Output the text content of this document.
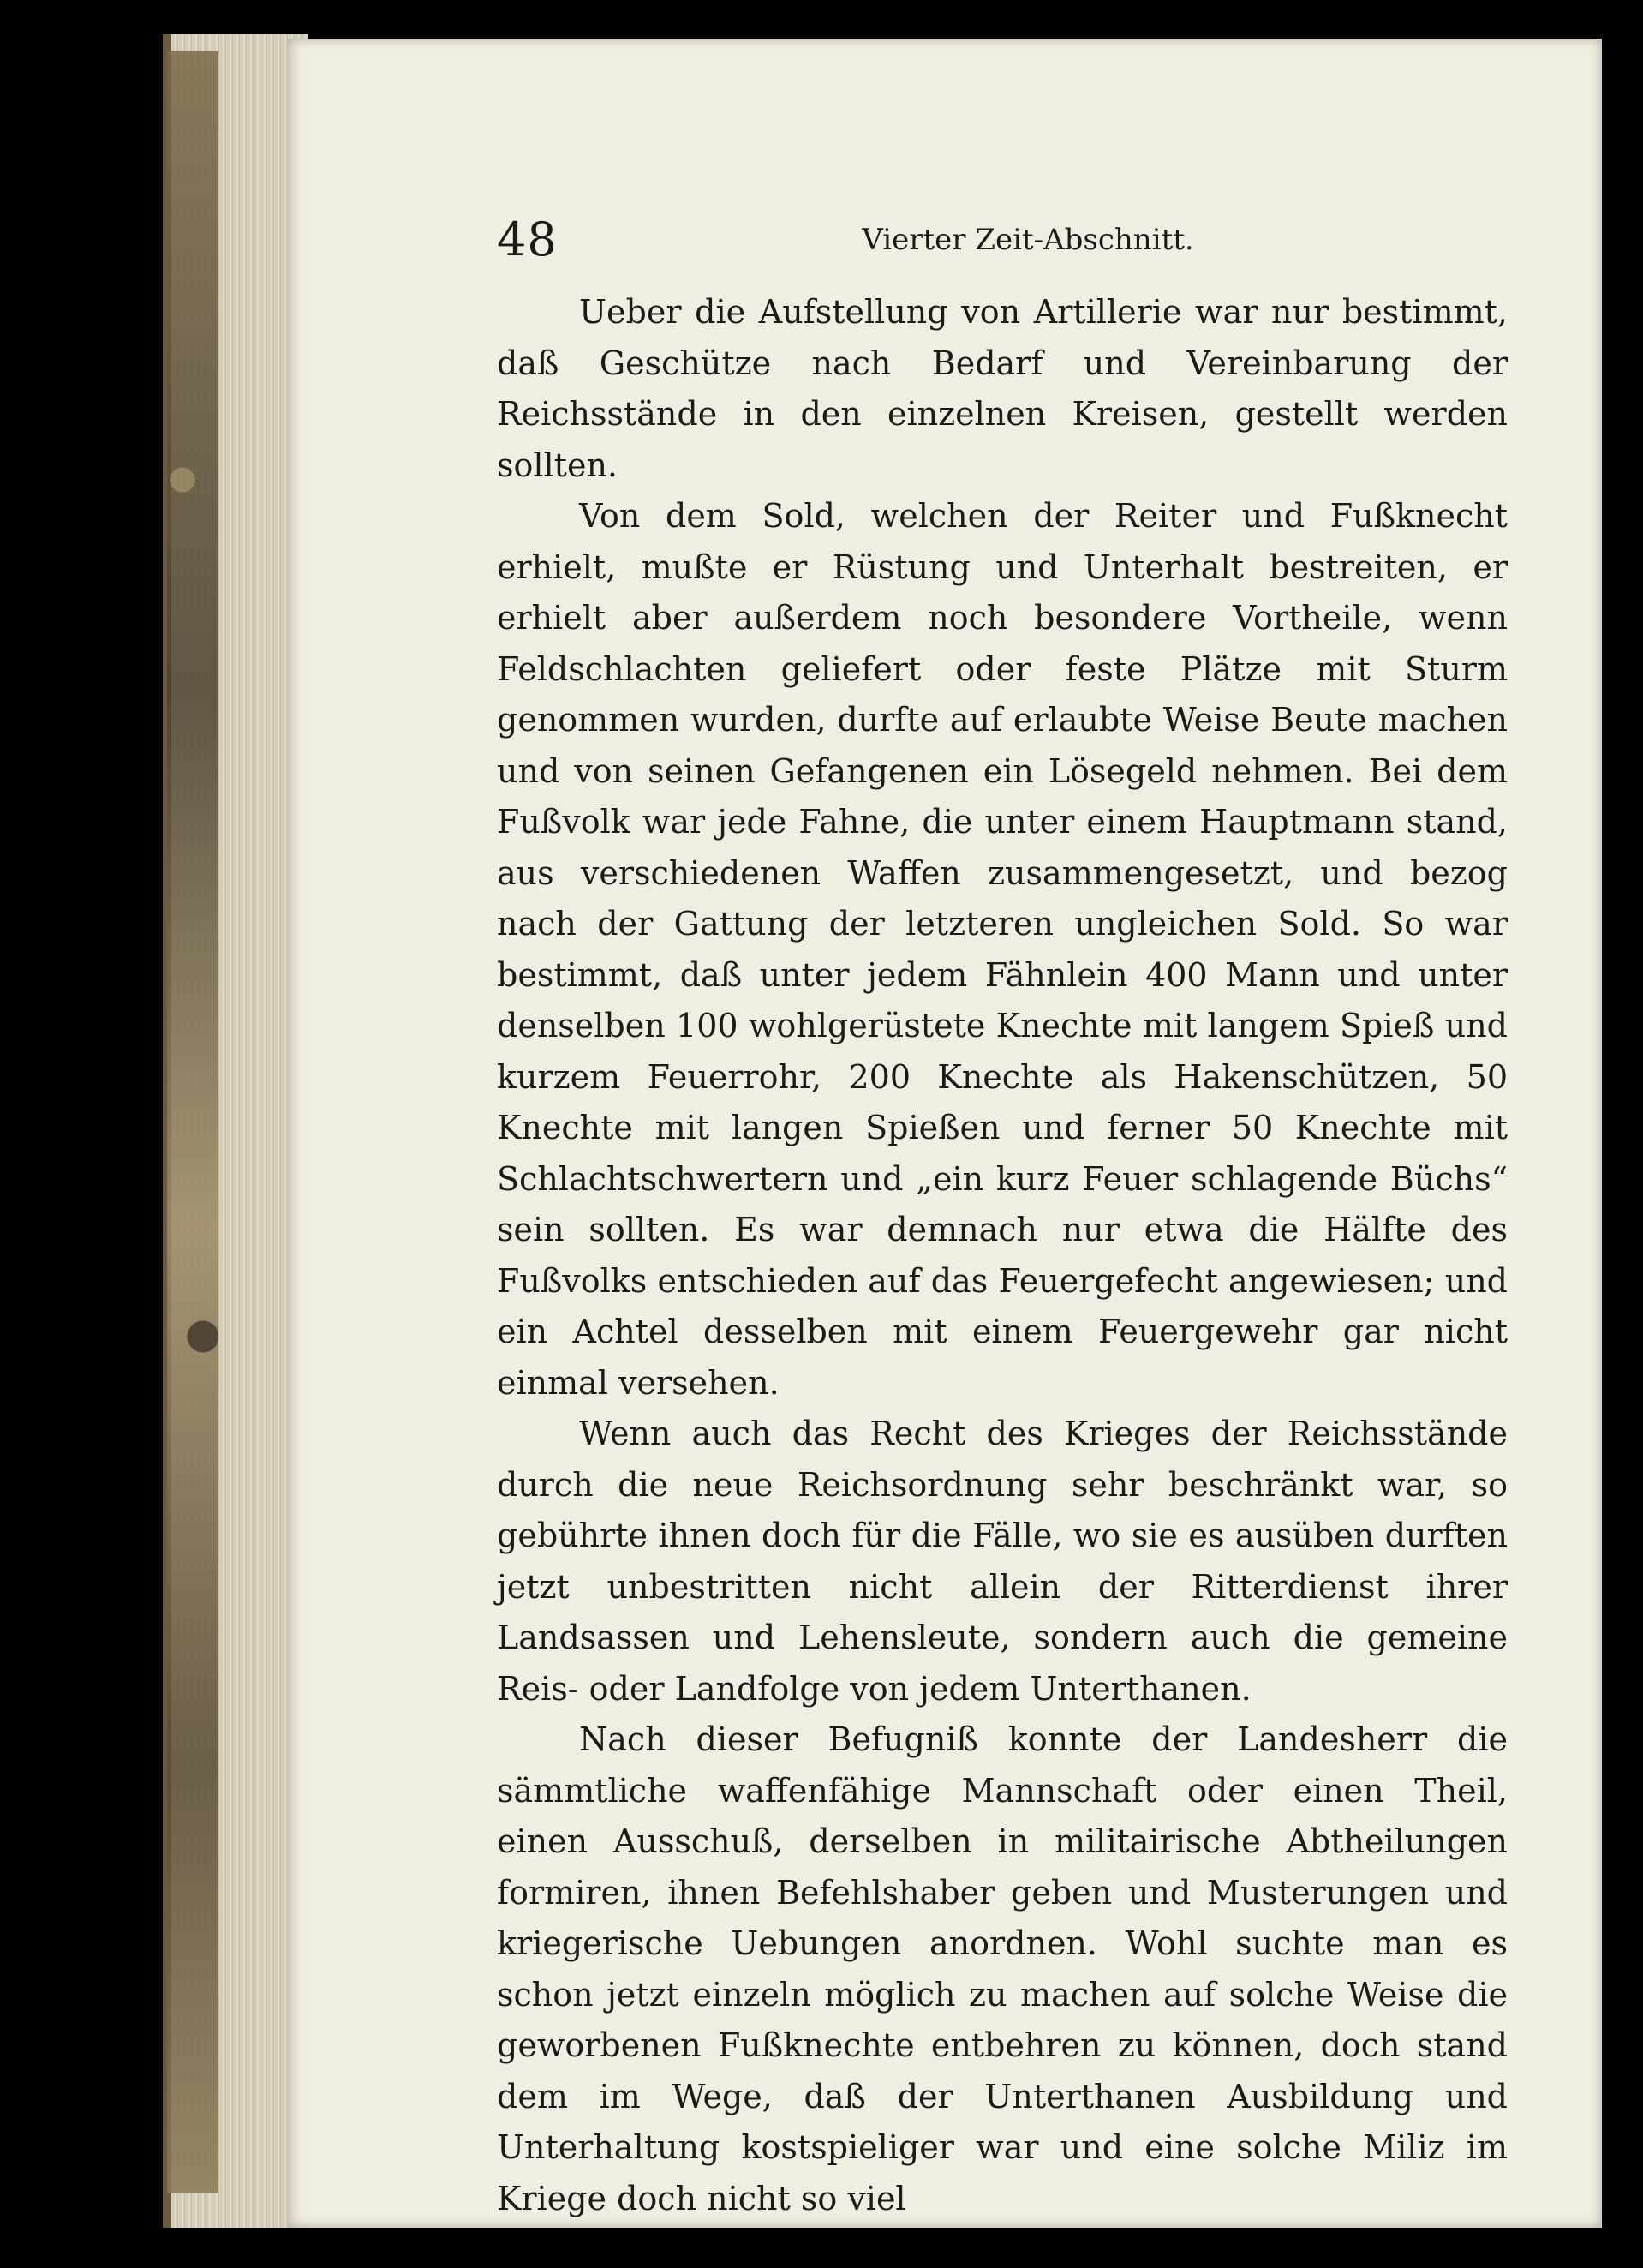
48	Vierter Zeit-Abschnitt.

Ueber die Aufstellung von Artillerie war nur bestimmt, daß Geschütze nach Bedarf und Vereinbarung der Reichsstände in den einzelnen Kreisen, gestellt werden sollten.

Von dem Sold, welchen der Reiter und Fußknecht erhielt, mußte er Rüstung und Unterhalt bestreiten, er erhielt aber außerdem noch besondere Vortheile, wenn Feldschlachten geliefert oder feste Plätze mit Sturm genommen wurden, durfte auf erlaubte Weise Beute machen und von seinen Gefangenen ein Lösegeld nehmen. Bei dem Fußvolk war jede Fahne, die unter einem Hauptmann stand, aus verschiedenen Waffen zusammengesetzt, und bezog nach der Gattung der letzteren ungleichen Sold. So war bestimmt, daß unter jedem Fähnlein 400 Mann und unter denselben 100 wohlgerüstete Knechte mit langem Spieß und kurzem Feuerrohr, 200 Knechte als Hakenschützen, 50 Knechte mit langen Spießen und ferner 50 Knechte mit Schlachtschwertern und „ein kurz Feuer schlagende Büchs“ sein sollten. Es war demnach nur etwa die Hälfte des Fußvolks entschieden auf das Feuergefecht angewiesen; und ein Achtel desselben mit einem Feuergewehr gar nicht einmal versehen.

Wenn auch das Recht des Krieges der Reichsstände durch die neue Reichsordnung sehr beschränkt war, so gebührte ihnen doch für die Fälle, wo sie es ausüben durften jetzt unbestritten nicht allein der Ritterdienst ihrer Landsassen und Lehensleute, sondern auch die gemeine Reis- oder Landfolge von jedem Unterthanen.

Nach dieser Befugniß konnte der Landesherr die sämmtliche waffenfähige Mannschaft oder einen Theil, einen Ausschuß, derselben in militairische Abtheilungen formiren, ihnen Befehlshaber geben und Musterungen und kriegerische Uebungen anordnen. Wohl suchte man es schon jetzt einzeln möglich zu machen auf solche Weise die geworbenen Fußknechte entbehren zu können, doch stand dem im Wege, daß der Unterthanen Ausbildung und Unterhaltung kostspieliger war und eine solche Miliz im Kriege doch nicht so viel
